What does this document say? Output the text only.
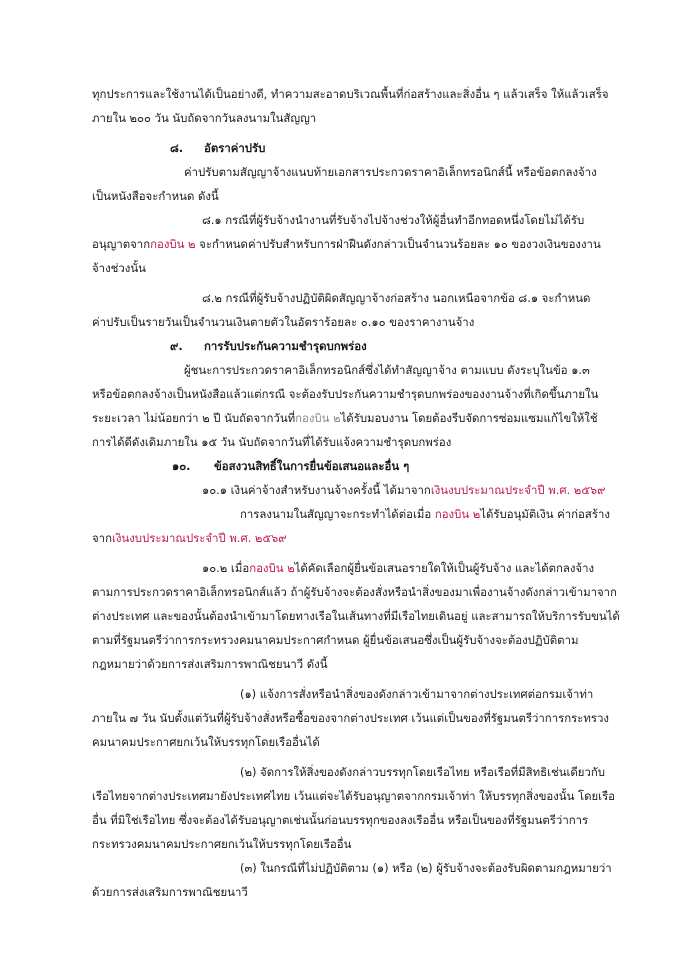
ทุกประการและใช้งานได้เป็นอย่างดี, ทำความสะอาดบริเวณพื้นที่ก่อสร้างและสิ่งอื่น ๆ แล้วเสร็จ ให้แล้วเสร็จ
ภายใน ๒๐๐ วัน นับถัดจากวันลงนามในสัญญา
๘. อัตราค่าปรับ
ค่าปรับตามสัญญาจ้างแนบท้ายเอกสารประกวดราคาอิเล็กทรอนิกส์นี้ หรือข้อตกลงจ้าง
เป็นหนังสือจะกำหนด ดังนี้
๘.๑ กรณีที่ผู้รับจ้างนำงานที่รับจ้างไปจ้างช่วงให้ผู้อื่นทำอีกทอดหนึ่งโดยไม่ได้รับ
อนุญาตจากกองบิน ๒ จะกำหนดค่าปรับสำหรับการฝ่าฝืนดังกล่าวเป็นจำนวนร้อยละ ๑๐ ของวงเงินของงาน
จ้างช่วงนั้น
๘.๒ กรณีที่ผู้รับจ้างปฏิบัติผิดสัญญาจ้างก่อสร้าง นอกเหนือจากข้อ ๘.๑ จะกำหนด
ค่าปรับเป็นรายวันเป็นจำนวนเงินตายตัวในอัตราร้อยละ ๐.๑๐ ของราคางานจ้าง
๙. การรับประกันความชำรุดบกพร่อง
ผู้ชนะการประกวดราคาอิเล็กทรอนิกส์ซึ่งได้ทำสัญญาจ้าง ตามแบบ ดังระบุในข้อ ๑.๓
หรือข้อตกลงจ้างเป็นหนังสือแล้วแต่กรณี จะต้องรับประกันความชำรุดบกพร่องของงานจ้างที่เกิดขึ้นภายใน
ระยะเวลา ไม่น้อยกว่า ๒ ปี นับถัดจากวันที่กองบิน ๒ได้รับมอบงาน โดยต้องรีบจัดการซ่อมแซมแก้ไขให้ใช้
การได้ดีดังเดิมภายใน ๑๕ วัน นับถัดจากวันที่ได้รับแจ้งความชำรุดบกพร่อง
๑๐. ข้อสงวนสิทธิ์ในการยื่นข้อเสนอและอื่น ๆ
๑๐.๑ เงินค่าจ้างสำหรับงานจ้างครั้งนี้ ได้มาจากเงินงบประมาณประจำปี พ.ศ. ๒๕๖๙
การลงนามในสัญญาจะกระทำได้ต่อเมื่อ กองบิน ๒ได้รับอนุมัติเงิน ค่าก่อสร้าง
จากเงินงบประมาณประจำปี พ.ศ. ๒๕๖๙
๑๐.๒ เมื่อกองบิน ๒ได้คัดเลือกผู้ยื่นข้อเสนอรายใดให้เป็นผู้รับจ้าง และได้ตกลงจ้าง
ตามการประกวดราคาอิเล็กทรอนิกส์แล้ว ถ้าผู้รับจ้างจะต้องสั่งหรือนำสิ่งของมาเพื่องานจ้างดังกล่าวเข้ามาจาก
ต่างประเทศ และของนั้นต้องนำเข้ามาโดยทางเรือในเส้นทางที่มีเรือไทยเดินอยู่ และสามารถให้บริการรับขนได้
ตามที่รัฐมนตรีว่าการกระทรวงคมนาคมประกาศกำหนด ผู้ยื่นข้อเสนอซึ่งเป็นผู้รับจ้างจะต้องปฏิบัติตาม
กฎหมายว่าด้วยการส่งเสริมการพาณิชยนาวี ดังนี้
(๑) แจ้งการสั่งหรือนำสิ่งของดังกล่าวเข้ามาจากต่างประเทศต่อกรมเจ้าท่า
ภายใน ๗ วัน นับตั้งแต่วันที่ผู้รับจ้างสั่งหรือซื้อของจากต่างประเทศ เว้นแต่เป็นของที่รัฐมนตรีว่าการกระทรวง
คมนาคมประกาศยกเว้นให้บรรทุกโดยเรืออื่นได้
(๒) จัดการให้สิ่งของดังกล่าวบรรทุกโดยเรือไทย หรือเรือที่มีสิทธิเช่นเดียวกับ
เรือไทยจากต่างประเทศมายังประเทศไทย เว้นแต่จะได้รับอนุญาตจากกรมเจ้าท่า ให้บรรทุกสิ่งของนั้น โดยเรือ
อื่น ที่มิใช่เรือไทย ซึ่งจะต้องได้รับอนุญาตเช่นนั้นก่อนบรรทุกของลงเรืออื่น หรือเป็นของที่รัฐมนตรีว่าการ
กระทรวงคมนาคมประกาศยกเว้นให้บรรทุกโดยเรืออื่น
(๓) ในกรณีที่ไม่ปฏิบัติตาม (๑) หรือ (๒) ผู้รับจ้างจะต้องรับผิดตามกฎหมายว่า
ด้วยการส่งเสริมการพาณิชยนาวี
